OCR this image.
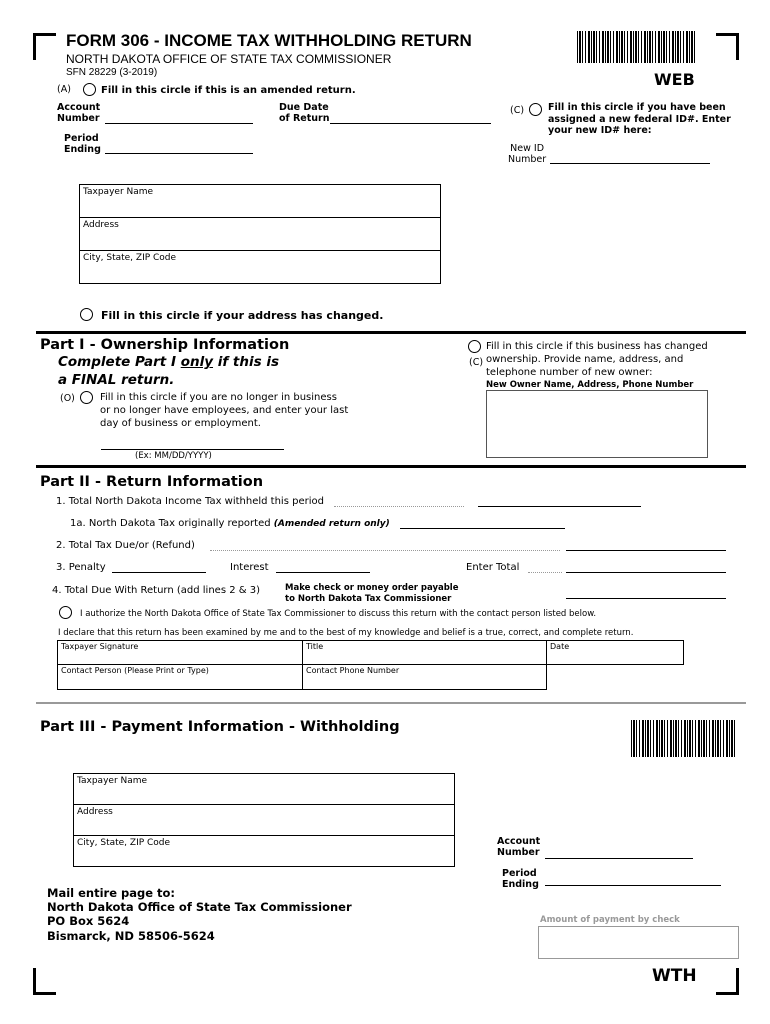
FORM 306 - INCOME TAX WITHHOLDING RETURN
NORTH DAKOTA OFFICE OF STATE TAX COMMISSIONER
SFN 28229 (3-2019)	WEB
(A)	Fill in this circle if this is an amended return.
Account
Number
Period
Ending
Due Date
of Return
(C)	Fill in this circle if you have been assigned a new federal ID#. Enter your new ID# here:
New ID
Number
Taxpayer Name
Address
City, State, ZIP Code
Fill in this circle if your address has changed.
Part I - Ownership Information
Complete Part I only if this is
a FINAL return.
(O)	Fill in this circle if you are no longer in business or no longer have employees, and enter your last day of business or employment.
(Ex: MM/DD/YYYY)
(C)
Fill in this circle if this business has changed ownership. Provide name, address, and telephone number of new owner:
New Owner Name, Address, Phone Number
Part II - Return Information
1. Total North Dakota Income Tax withheld this period
1a. North Dakota Tax originally reported (Amended return only)
2. Total Tax Due/or (Refund)
3. Penalty	Interest	Enter Total
4. Total Due With Return (add lines 2 & 3)	Make check or money order payable
to North Dakota Tax Commissioner
I authorize the North Dakota Office of State Tax Commissioner to discuss this return with the contact person listed below.
I declare that this return has been examined by me and to the best of my knowledge and belief is a true, correct, and complete return.
Taxpayer Signature	Title	Date
Contact Person (Please Print or Type)	Contact Phone Number
Part III - Payment Information - Withholding
Taxpayer Name
Address
City, State, ZIP Code	Account
Number
Period
Ending
Mail entire page to:
North Dakota Office of State Tax Commissioner
PO Box 5624
Bismarck, ND 58506-5624
Amount of payment by check
WTH
